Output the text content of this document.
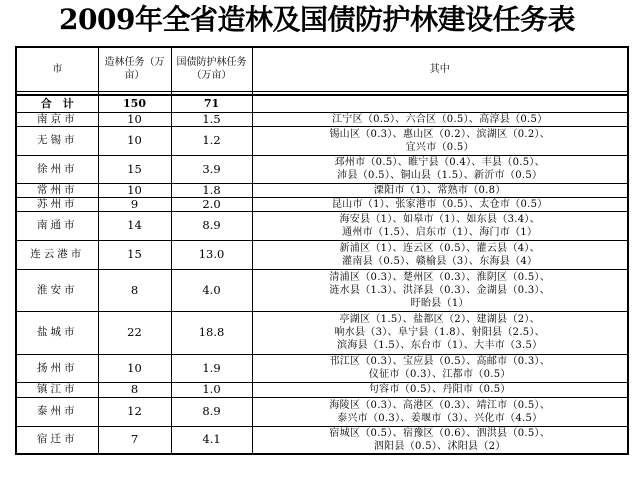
2009年全省造林及国债防护林建设任务表
市	造林任务（万亩）	国债防护林任务（万亩）	其中

合　计	150	71	
南京市	10	1.5	江宁区（0.5）、六合区（0.5）、高淳县（0.5）

无锡市	10	1.2	锡山区（0.3）、惠山区（0.2）、滨湖区（0.2）、
宜兴市（0.5）

徐州市	15	3.9	邳州市（0.5）、睢宁县（0.4）、丰县（0.5）、
沛县（0.5）、铜山县（1.5）、新沂市（0.5）

常州市	10	1.8	溧阳市（1）、常熟市（0.8）

苏州市	9	2.0	昆山市（1）、张家港市（0.5）、太仓市（0.5）

南通市	14	8.9	海安县（1）、如皋市（1）、如东县（3.4）、
通州市（1.5）、启东市（1）、海门市（1）

连云港市	15	13.0	新浦区（1）、连云区（0.5）、灌云县（4）、
灌南县（0.5）、赣榆县（3）、东海县（4）

淮安市	8	4.0	清浦区（0.3）、楚州区（0.3）、淮阴区（0.5）、
涟水县（1.3）、洪泽县（0.3）、金湖县（0.3）、
盱眙县（1）

盐城市	22	18.8	亭湖区（1.5）、盐都区（2）、建湖县（2）、
响水县（3）、阜宁县（1.8）、射阳县（2.5）、
滨海县（1.5）、东台市（1）、大丰市（3.5）

扬州市	10	1.9	邗江区（0.3）、宝应县（0.5）、高邮市（0.3）、
仪征市（0.3）、江都市（0.5）

镇江市	8	1.0	句容市（0.5）、丹阳市（0.5）

泰州市	12	8.9	海陵区（0.3）、高港区（0.3）、靖江市（0.5）、
泰兴市（0.3）、姜堰市（3）、兴化市（4.5）

宿迁市	7	4.1	宿城区（0.5）、宿豫区（0.6）、泗洪县（0.5）、
泗阳县（0.5）、沭阳县（2）
